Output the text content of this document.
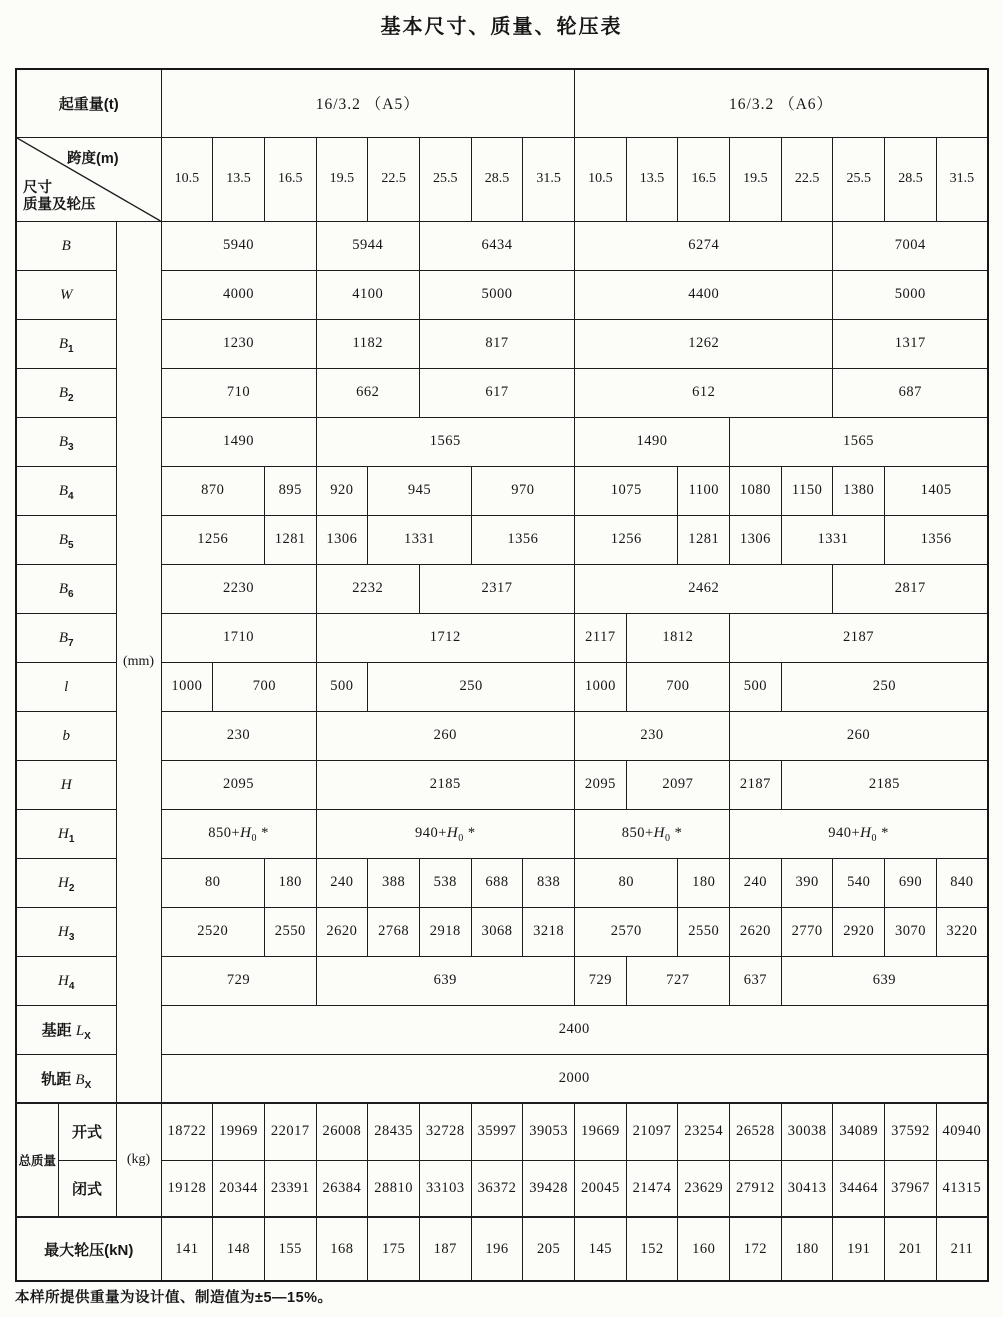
基本尺寸、质量、轮压表
起重量(t)			16/3.2 （A5）								16/3.2 （A6）							

跨度(m)
尺寸
质量及轮压			10.5	13.5	16.5	19.5	22.5	25.5	28.5	31.5	10.5	13.5	16.5	19.5	22.5	25.5	28.5	31.5
B		(mm)	5940			5944		6434			6274					7004		
W			4000			4100		5000			4400					5000		
$B_1$			1230			1182		817			1262					1317		
$B_2$			710			662		617			612					687		
$B_3$			1490			1565					1490			1565				
$B_4$			870		895	920	945		970		1075		1100	1080	1150	1380	1405	
$B_5$			1256		1281	1306	1331		1356		1256		1281	1306	1331		1356	
$B_6$			2230			2232		2317			2462					2817		
$B_7$			1710			1712					2117	1812		2187				
l			1000	700		500	250				1000	700		500	250			
b			230			260					230			260				
H			2095			2185					2095	2097		2187	2185			
$H_1$			$850+H_0$ *			$940+H_0$ *					$850+H_0$ *			$940+H_0$ *				
$H_2$			80		180	240	388	538	688	838	80		180	240	390	540	690	840
$H_3$			2520		2550	2620	2768	2918	3068	3218	2570		2550	2620	2770	2920	3070	3220
$H_4$			729			639					729	727		637	639			
基距 $L_X$			2400															
轨距 $B_X$			2000															
总质量	开式	(kg)	18722	19969	22017	26008	28435	32728	35997	39053	19669	21097	23254	26528	30038	34089	37592	40940
	闭式		19128	20344	23391	26384	28810	33103	36372	39428	20045	21474	23629	27912	30413	34464	37967	41315
最大轮压(kN)			141	148	155	168	175	187	196	205	145	152	160	172	180	191	201	211
本样所提供重量为设计值、制造值为±5—15%。
